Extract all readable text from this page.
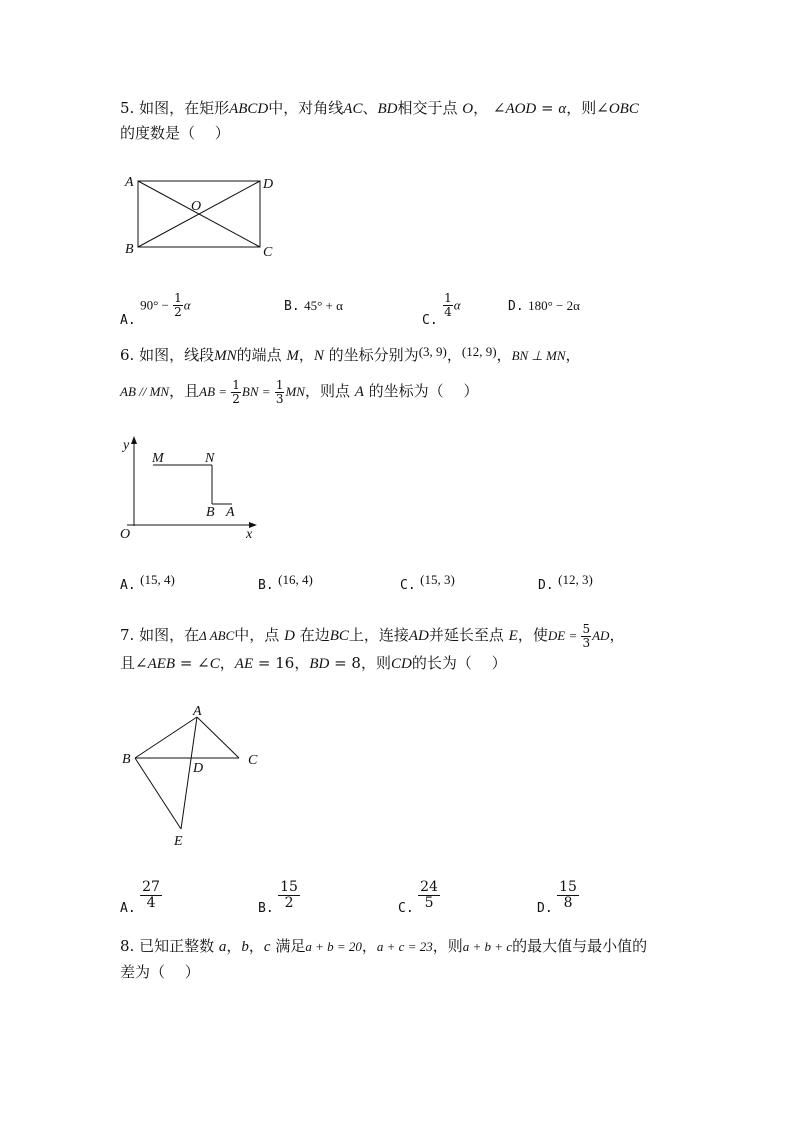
5. 如图，在矩形ABCD中，对角线AC、BD相交于点 O， ∠AOD = α，则∠OBC
的度数是（　 ）
A	D
B	C
O
A. $90^\circ - \frac{1}{2}$ α	B. 45° + α
C.
$\frac{1}{4}$ α	D. 180° − 2α
6. 如图，线段MN的端点 M，N 的坐标分别为(3, 9)，(12, 9)，BN ⊥ MN，
AB // MN，且AB = $\frac{1}{2}$ BN = $\frac{1}{3}$ MN，则点 A 的坐标为（　 ）
y
x
O
M	N
B A
A. (15, 4)	B. (16, 4)	C. (15, 3)	D. (12, 3)
7. 如图，在Δ ABC中，点 D 在边BC上，连接AD并延长至点 E，使DE = $\frac{5}{3}$ AD，
且∠AEB = ∠C，AE = 16，BD = 8，则CD的长为（　 ）
A
B	C
D
E
A. $\frac{27}{4}$	B. $\frac{15}{2}$	C. $\frac{24}{5}$	D. $\frac{15}{8}$
8. 已知正整数 a，b，c 满足a + b = 20，a + c = 23，则a + b + c的最大值与最小值的
差为（　 ）
